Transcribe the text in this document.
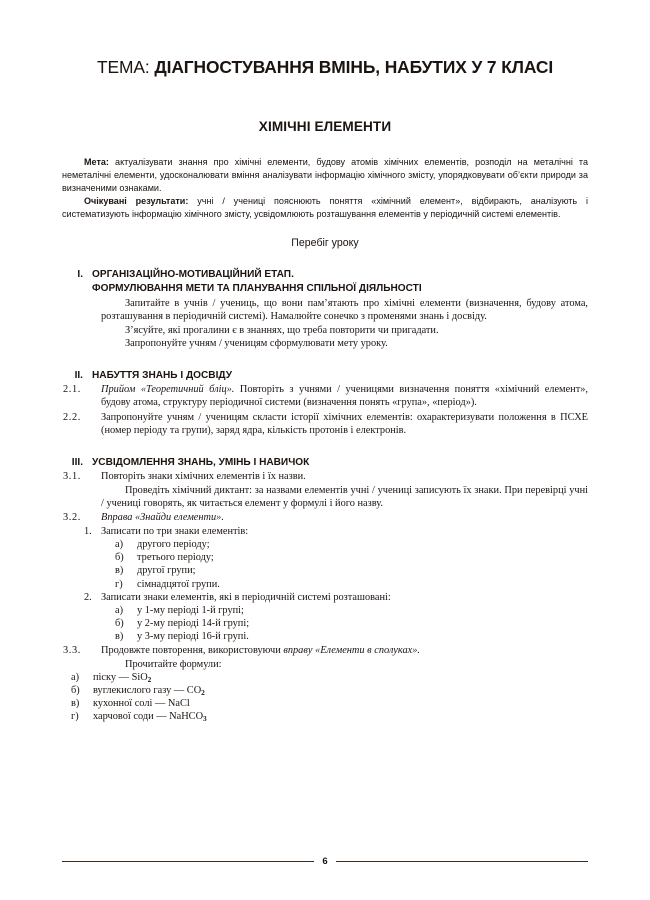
ТЕМА: ДІАГНОСТУВАННЯ ВМІНЬ, НАБУТИХ У 7 КЛАСІ
ХІМІЧНІ ЕЛЕМЕНТИ

Мета: актуалізувати знання про хімічні елементи, будову атомів хімічних елементів, розподіл на металічні та неметалічні елементи, удосконалювати вміння аналізувати інформацію хімічного змісту, упорядковувати об’єкти природи за визначеними ознаками.

Очікувані результати: учні / учениці пояснюють поняття «хімічний елемент», відбирають, аналізують і систематизують інформацію хімічного змісту, усвідомлюють розташування елементів у періодичній системі елементів.

Перебіг уроку

I. ОРГАНІЗАЦІЙНО-МОТИВАЦІЙНИЙ ЕТАП.
ФОРМУЛЮВАННЯ МЕТИ ТА ПЛАНУВАННЯ СПІЛЬНОЇ ДІЯЛЬНОСТІ

Запитайте в учнів / учениць, що вони пам’ятають про хімічні елементи (визначення, будову атома, розташування в періодичній системі). Намалюйте сонечко з променями знань і досвіду.

З’ясуйте, які прогалини є в знаннях, що треба повторити чи пригадати.

Запропонуйте учням / ученицям сформулювати мету уроку.

II. НАБУТТЯ ЗНАНЬ І ДОСВІДУ
2.1.	Прийом «Теоретичний бліц». Повторіть з учнями / ученицями визначення поняття «хімічний елемент», будову атома, структуру періодичної системи (визначення понять «група», «період»).
2.2.	Запропонуйте учням / ученицям скласти історії хімічних елементів: охарактеризувати положення в ПСХЕ (номер періоду та групи), заряд ядра, кількість протонів і електронів.
III. УСВІДОМЛЕННЯ ЗНАНЬ, УМІНЬ І НАВИЧОК
3.1.	Повторіть знаки хімічних елементів і їх назви.

Проведіть хімічний диктант: за назвами елементів учні / учениці записують їх знаки. При перевірці учні / учениці говорять, як читається елемент у формулі і його назву.

3.2.	Вправа «Знайди елементи».
1. Записати по три знаки елементів:
а)	другого періоду;
б)	третього періоду;
в)	другої групи;
г)	сімнадцятої групи.
2. Записати знаки елементів, які в періодичній системі розташовані:
а)	у 1-му періоді 1-й групі;
б)	у 2-му періоді 14-й групі;
в)	у 3-му періоді 16-й групі.
3.3.	Продовжте повторення, використовуючи вправу «Елементи в сполуках».

Прочитайте формули:

а)	піску — SiO$_2$
б)	вуглекислого газу — $CO_2$
в)	кухонної солі — NaCl
г)	харчової соди — NaHCO$_3$
6
